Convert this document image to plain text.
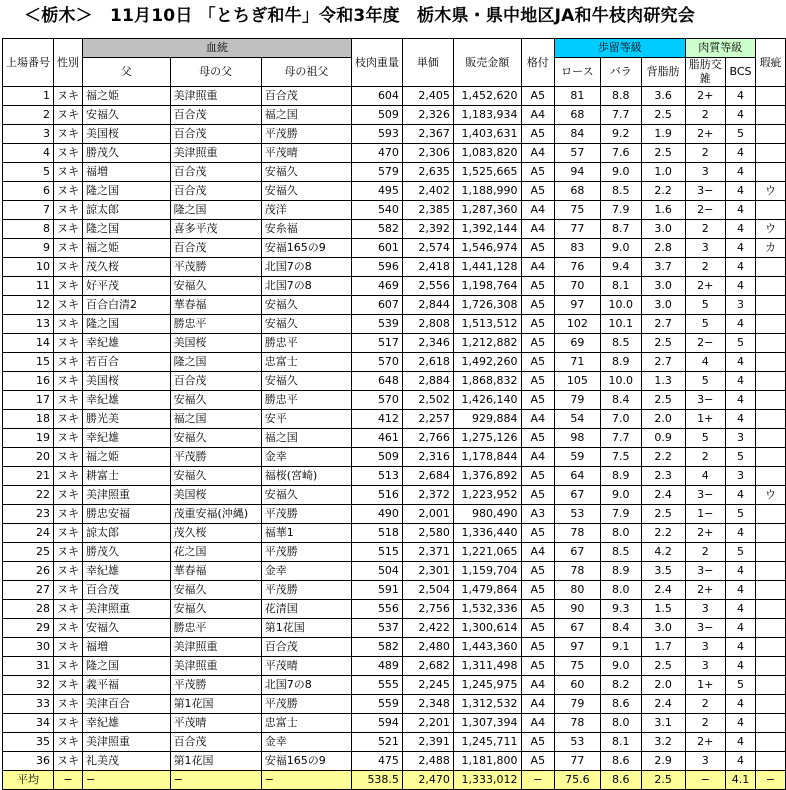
＜栃木＞　11月10日 「とちぎ和牛」令和3年度　栃木県・県中地区JA和牛枝肉研究会
上場番号	性別	血統			枝肉重量	単価	販売金額	格付	歩留等級			肉質等級		瑕疵
		父	母の父	母の祖父					ロース	バラ	背脂肪	脂肪交雑	BCS	
1	ヌキ	福之姫	美津照重	百合茂	604	2,405	1,452,620	A5	81	8.8	3.6	2+	4	
2	ヌキ	安福久	百合茂	福之国	509	2,326	1,183,934	A4	68	7.7	2.5	2	4	
3	ヌキ	美国桜	百合茂	平茂勝	593	2,367	1,403,631	A5	84	9.2	1.9	2+	5	
4	ヌキ	勝茂久	美津照重	平茂晴	470	2,306	1,083,820	A4	57	7.6	2.5	2	4	
5	ヌキ	福増	百合茂	安福久	579	2,635	1,525,665	A5	94	9.0	1.0	3	4	
6	ヌキ	隆之国	百合茂	安福久	495	2,402	1,188,990	A5	68	8.5	2.2	3−	4	ウ
7	ヌキ	諒太郎	隆之国	茂洋	540	2,385	1,287,360	A4	75	7.9	1.6	2−	4	
8	ヌキ	隆之国	喜多平茂	安糸福	582	2,392	1,392,144	A4	77	8.7	3.0	2	4	ウ
9	ヌキ	福之姫	百合茂	安福165の9	601	2,574	1,546,974	A5	83	9.0	2.8	3	4	カ
10	ヌキ	茂久桜	平茂勝	北国7の8	596	2,418	1,441,128	A4	76	9.4	3.7	2	4	
11	ヌキ	好平茂	安福久	北国7の8	469	2,556	1,198,764	A5	70	8.1	3.0	2+	4	
12	ヌキ	百合白清2	華春福	安福久	607	2,844	1,726,308	A5	97	10.0	3.0	5	3	
13	ヌキ	隆之国	勝忠平	安福久	539	2,808	1,513,512	A5	102	10.1	2.7	5	4	
14	ヌキ	幸紀雄	美国桜	勝忠平	517	2,346	1,212,882	A5	69	8.5	2.5	2−	5	
15	ヌキ	若百合	隆之国	忠富士	570	2,618	1,492,260	A5	71	8.9	2.7	4	4	
16	ヌキ	美国桜	百合茂	安福久	648	2,884	1,868,832	A5	105	10.0	1.3	5	4	
17	ヌキ	幸紀雄	安福久	勝忠平	570	2,502	1,426,140	A5	79	8.4	2.5	3−	4	
18	ヌキ	勝光美	福之国	安平	412	2,257	929,884	A4	54	7.0	2.0	1+	4	
19	ヌキ	幸紀雄	安福久	福之国	461	2,766	1,275,126	A5	98	7.7	0.9	5	3	
20	ヌキ	福之姫	平茂勝	金幸	509	2,316	1,178,844	A4	59	7.5	2.2	2	5	
21	ヌキ	耕富士	安福久	福桜(宮崎)	513	2,684	1,376,892	A5	64	8.9	2.3	4	3	
22	ヌキ	美津照重	美国桜	安福久	516	2,372	1,223,952	A5	67	9.0	2.4	3−	4	ウ
23	ヌキ	勝忠安福	茂重安福(沖縄)	平茂勝	490	2,001	980,490	A3	53	7.9	2.5	1−	5	
24	ヌキ	諒太郎	茂久桜	福華1	518	2,580	1,336,440	A5	78	8.0	2.2	2+	4	
25	ヌキ	勝茂久	花之国	平茂勝	515	2,371	1,221,065	A4	67	8.5	4.2	2	5	
26	ヌキ	幸紀雄	華春福	金幸	504	2,301	1,159,704	A5	78	8.9	3.5	3−	4	
27	ヌキ	百合茂	安福久	平茂勝	591	2,504	1,479,864	A5	80	8.0	2.4	2+	4	
28	ヌキ	美津照重	安福久	花清国	556	2,756	1,532,336	A5	90	9.3	1.5	3	4	
29	ヌキ	安福久	勝忠平	第1花国	537	2,422	1,300,614	A5	67	8.4	3.0	3−	4	
30	ヌキ	福増	美津照重	百合茂	582	2,480	1,443,360	A5	97	9.1	1.7	3	4	
31	ヌキ	隆之国	美津照重	平茂晴	489	2,682	1,311,498	A5	75	9.0	2.5	3	4	
32	ヌキ	義平福	平茂勝	北国7の8	555	2,245	1,245,975	A4	60	8.2	2.0	1+	5	
33	ヌキ	美津百合	第1花国	平茂勝	559	2,348	1,312,532	A4	79	8.6	2.4	2	4	
34	ヌキ	幸紀雄	平茂晴	忠富士	594	2,201	1,307,394	A4	78	8.0	3.1	2	4	
35	ヌキ	美津照重	百合茂	金幸	521	2,391	1,245,711	A5	53	8.1	3.2	2+	4	
36	ヌキ	礼美茂	第1花国	安福165の9	475	2,488	1,181,800	A5	77	8.6	2.9	3	4	
平均	−	−	−	−	538.5	2,470	1,333,012	−	75.6	8.6	2.5	−	4.1	−
